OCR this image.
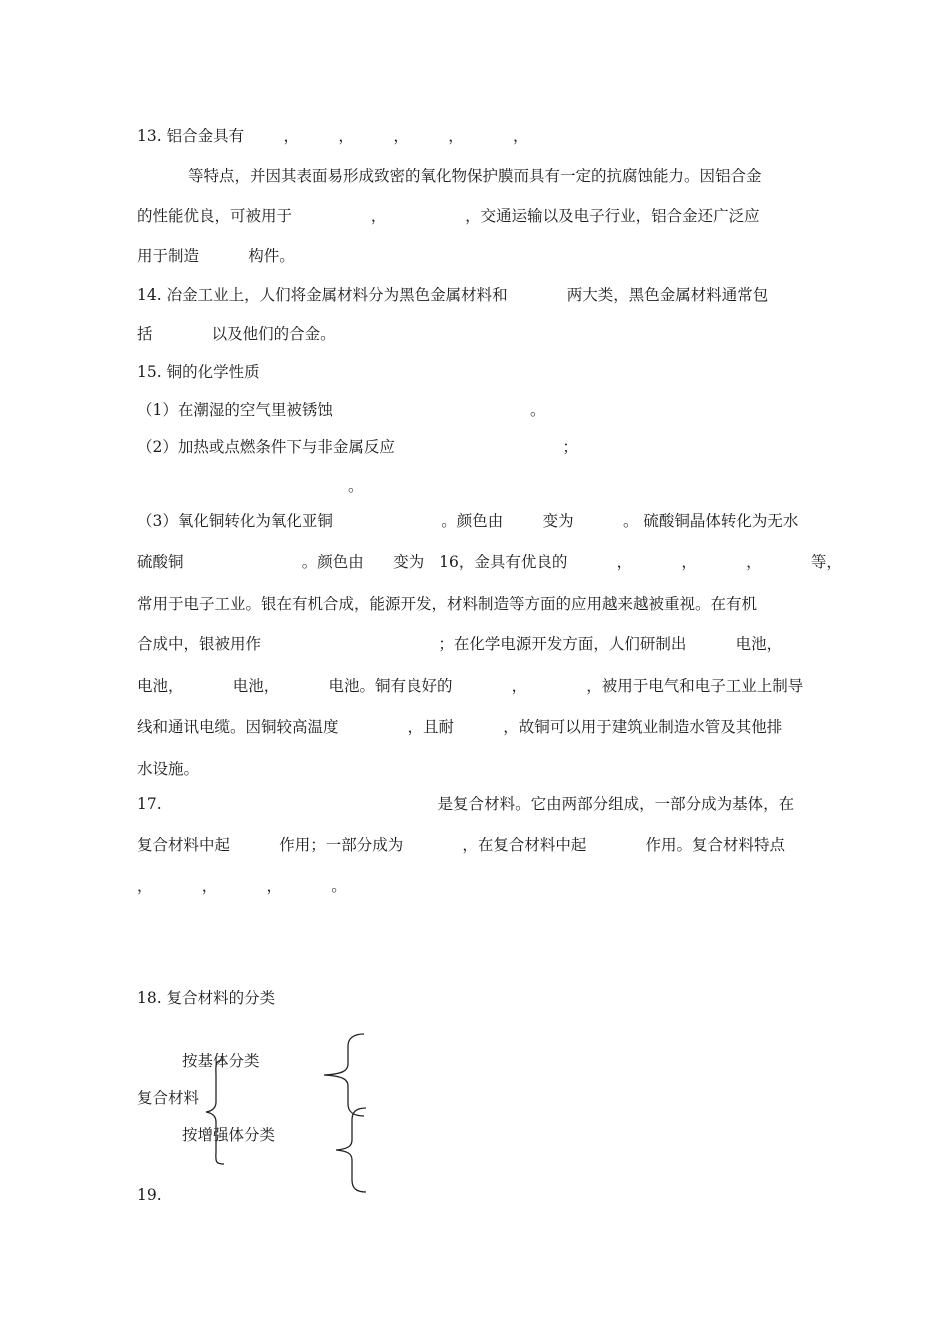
13. 铝合金具有        ，        ，        ，        ，          ，
等特点，并因其表面易形成致密的氧化物保护膜而具有一定的抗腐蚀能力。因铝合金
的性能优良，可被用于                ，                ，交通运输以及电子行业，铝合金还广泛应
用于制造          构件。
14. 冶金工业上，人们将金属材料分为黑色金属材料和            两大类，黑色金属材料通常包
括            以及他们的合金。
15. 铜的化学性质
（1）在潮湿的空气里被锈蚀                                        。
（2）加热或点燃条件下与非金属反应                                  ；
。
（3）氧化铜转化为氧化亚铜                      。颜色由        变为          。 硫酸铜晶体转化为无水
硫酸铜                        。颜色由      变为   16，金具有优良的          ，          ，          ，          等，
常用于电子工业。银在有机合成，能源开发，材料制造等方面的应用越来越被重视。在有机
合成中，银被用作                                    ；在化学电源开发方面，人们研制出          电池，
电池，          电池，          电池。铜有良好的            ，            ，被用于电气和电子工业上制导
线和通讯电缆。因铜较高温度              ，且耐          ，故铜可以用于建筑业制造水管及其他排
水设施。
17.                                                        是复合材料。它由两部分组成，一部分成为基体，在
复合材料中起          作用；一部分成为            ，在复合材料中起            作用。复合材料特点
，          ，          ，          。
18. 复合材料的分类
复合材料
按基体分类
按增强体分类
19.
